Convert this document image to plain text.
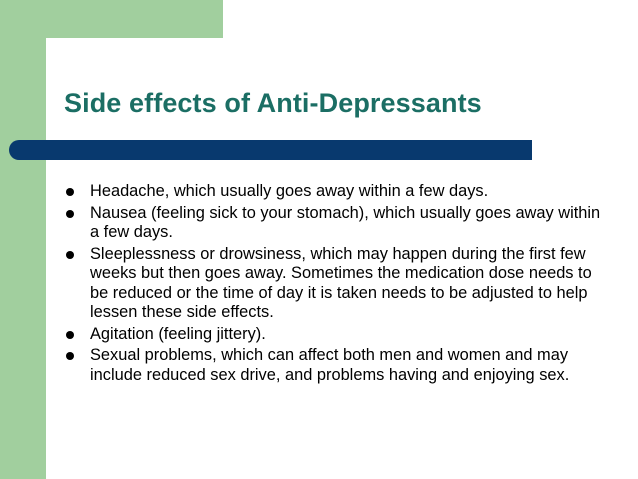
Side effects of Anti-Depressants
Headache, which usually goes away within a few days.
Nausea (feeling sick to your stomach), which usually goes away within a few days.
Sleeplessness or drowsiness, which may happen during the first few weeks but then goes away. Sometimes the medication dose needs to be reduced or the time of day it is taken needs to be adjusted to help lessen these side effects.
Agitation (feeling jittery).
Sexual problems, which can affect both men and women and may include reduced sex drive, and problems having and enjoying sex.
